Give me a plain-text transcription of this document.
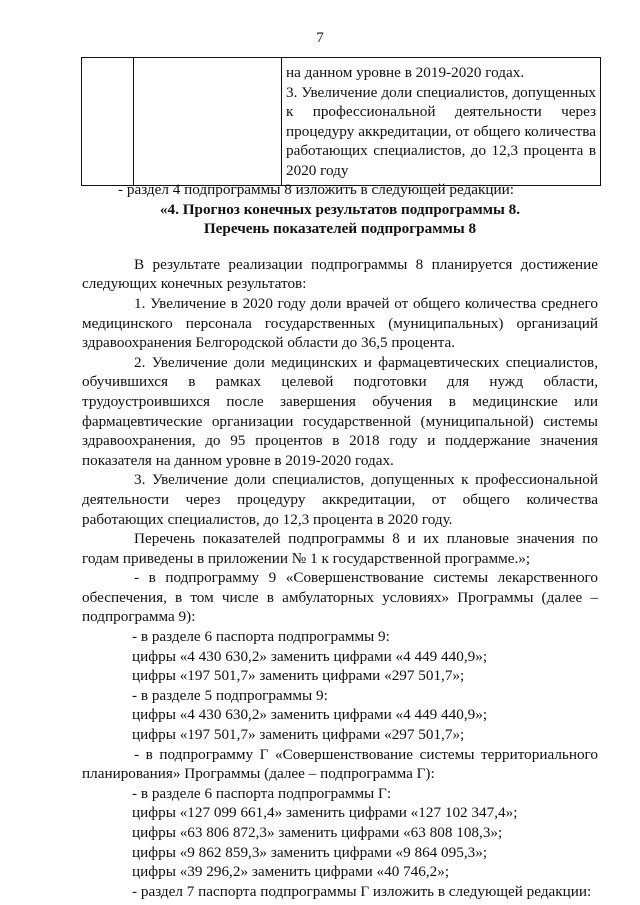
7

на данном уровне в 2019-2020 годах.
3. Увеличение доли специалистов, допущенных к профессиональной деятельности через процедуру аккредитации, от общего количества работающих специалистов, до 12,3 процента в 2020 году

- раздел 4 подпрограммы 8 изложить в следующей редакции:

«4. Прогноз конечных результатов подпрограммы 8.

Перечень показателей подпрограммы 8

В результате реализации подпрограммы 8 планируется достижение следующих конечных результатов:

1. Увеличение в 2020 году доли врачей от общего количества среднего медицинского персонала государственных (муниципальных) организаций здравоохранения Белгородской области до 36,5 процента.

2. Увеличение доли медицинских и фармацевтических специалистов, обучившихся в рамках целевой подготовки для нужд области, трудоустроившихся после завершения обучения в медицинские или фармацевтические организации государственной (муниципальной) системы здравоохранения, до 95 процентов в 2018 году и поддержание значения показателя на данном уровне в 2019-2020 годах.

3. Увеличение доли специалистов, допущенных к профессиональной деятельности через процедуру аккредитации, от общего количества работающих специалистов, до 12,3 процента в 2020 году.

Перечень показателей подпрограммы 8 и их плановые значения по годам приведены в приложении № 1 к государственной программе.»;

- в подпрограмму 9 «Совершенствование системы лекарственного обеспечения, в том числе в амбулаторных условиях» Программы (далее – подпрограмма 9):

- в разделе 6 паспорта подпрограммы 9:

цифры «4 430 630,2» заменить цифрами «4 449 440,9»;

цифры «197 501,7» заменить цифрами «297 501,7»;

- в разделе 5 подпрограммы 9:

цифры «4 430 630,2» заменить цифрами «4 449 440,9»;

цифры «197 501,7» заменить цифрами «297 501,7»;

- в подпрограмму Г «Совершенствование системы территориального планирования» Программы (далее – подпрограмма Г):

- в разделе 6 паспорта подпрограммы Г:

цифры «127 099 661,4» заменить цифрами «127 102 347,4»;

цифры «63 806 872,3» заменить цифрами «63 808 108,3»;

цифры «9 862 859,3» заменить цифрами «9 864 095,3»;

цифры «39 296,2» заменить цифрами «40 746,2»;

- раздел 7 паспорта подпрограммы Г изложить в следующей редакции:
